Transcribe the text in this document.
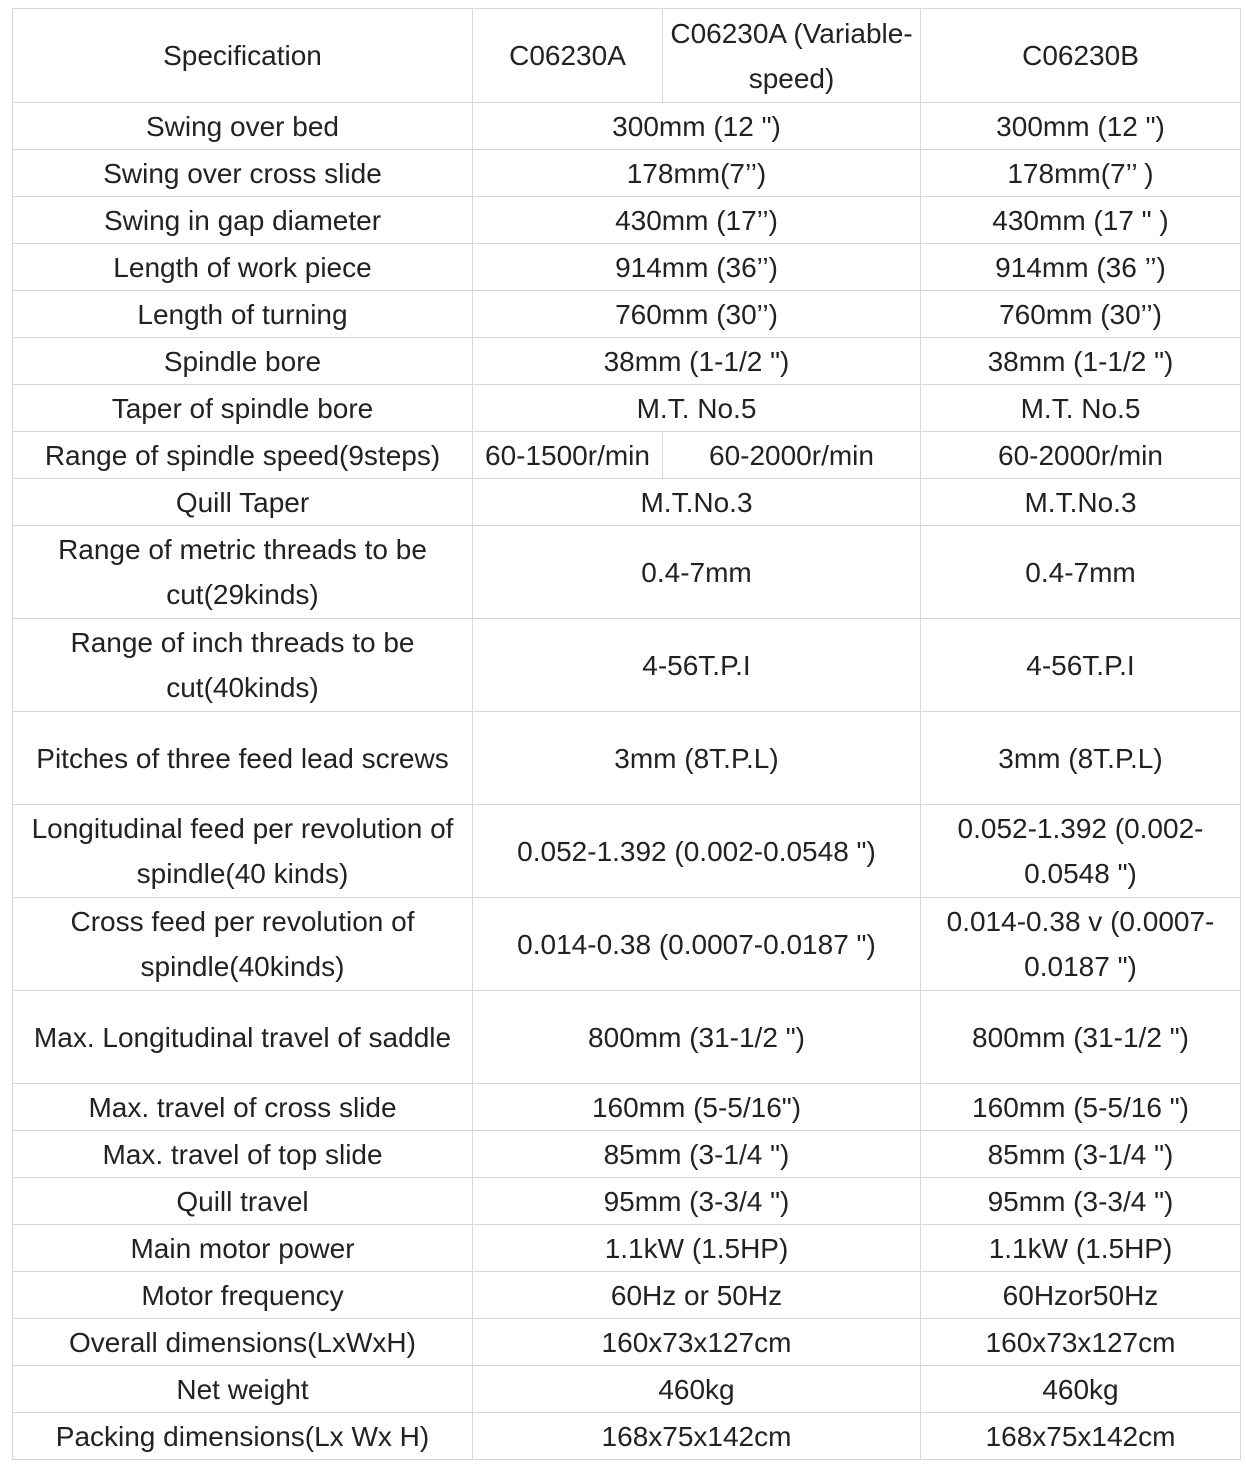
Specification	C06230A	C06230A (Variable-speed)	C06230B
Swing over bed	300mm (12 ")		300mm (12 ")
Swing over cross slide	178mm(7’’)		178mm(7’’ )
Swing in gap diameter	430mm (17’’)		430mm (17 " )
Length of work piece	914mm (36’’)		914mm (36 ’’)
Length of turning	760mm (30’’)		760mm (30’’)
Spindle bore	38mm (1-1/2 ")		38mm (1-1/2 ")
Taper of spindle bore	M.T. No.5		M.T. No.5
Range of spindle speed(9steps)	60-1500r/min	60-2000r/min	60-2000r/min
Quill Taper	M.T.No.3		M.T.No.3
Range of metric threads to be cut(29kinds)	0.4-7mm		0.4-7mm
Range of inch threads to be cut(40kinds)	4-56T.P.I		4-56T.P.I
Pitches of three feed lead screws	3mm (8T.P.L)		3mm (8T.P.L)
Longitudinal feed per revolution of spindle(40 kinds)	0.052-1.392 (0.002-0.0548 ")		0.052-1.392 (0.002-0.0548 ")
Cross feed per revolution of spindle(40kinds)	0.014-0.38 (0.0007-0.0187 ")		0.014-0.38 v (0.0007-0.0187 ")
Max. Longitudinal travel of saddle	800mm (31-1/2 ")		800mm (31-1/2 ")
Max. travel of cross slide	160mm (5-5/16")		160mm (5-5/16 ")
Max. travel of top slide	85mm (3-1/4 ")		85mm (3-1/4 ")
Quill travel	95mm (3-3/4 ")		95mm (3-3/4 ")
Main motor power	1.1kW (1.5HP)		1.1kW (1.5HP)
Motor frequency	60Hz or 50Hz		60Hzor50Hz
Overall dimensions(LxWxH)	160x73x127cm		160x73x127cm
Net weight	460kg		460kg
Packing dimensions(Lx Wx H)	168x75x142cm		168x75x142cm
